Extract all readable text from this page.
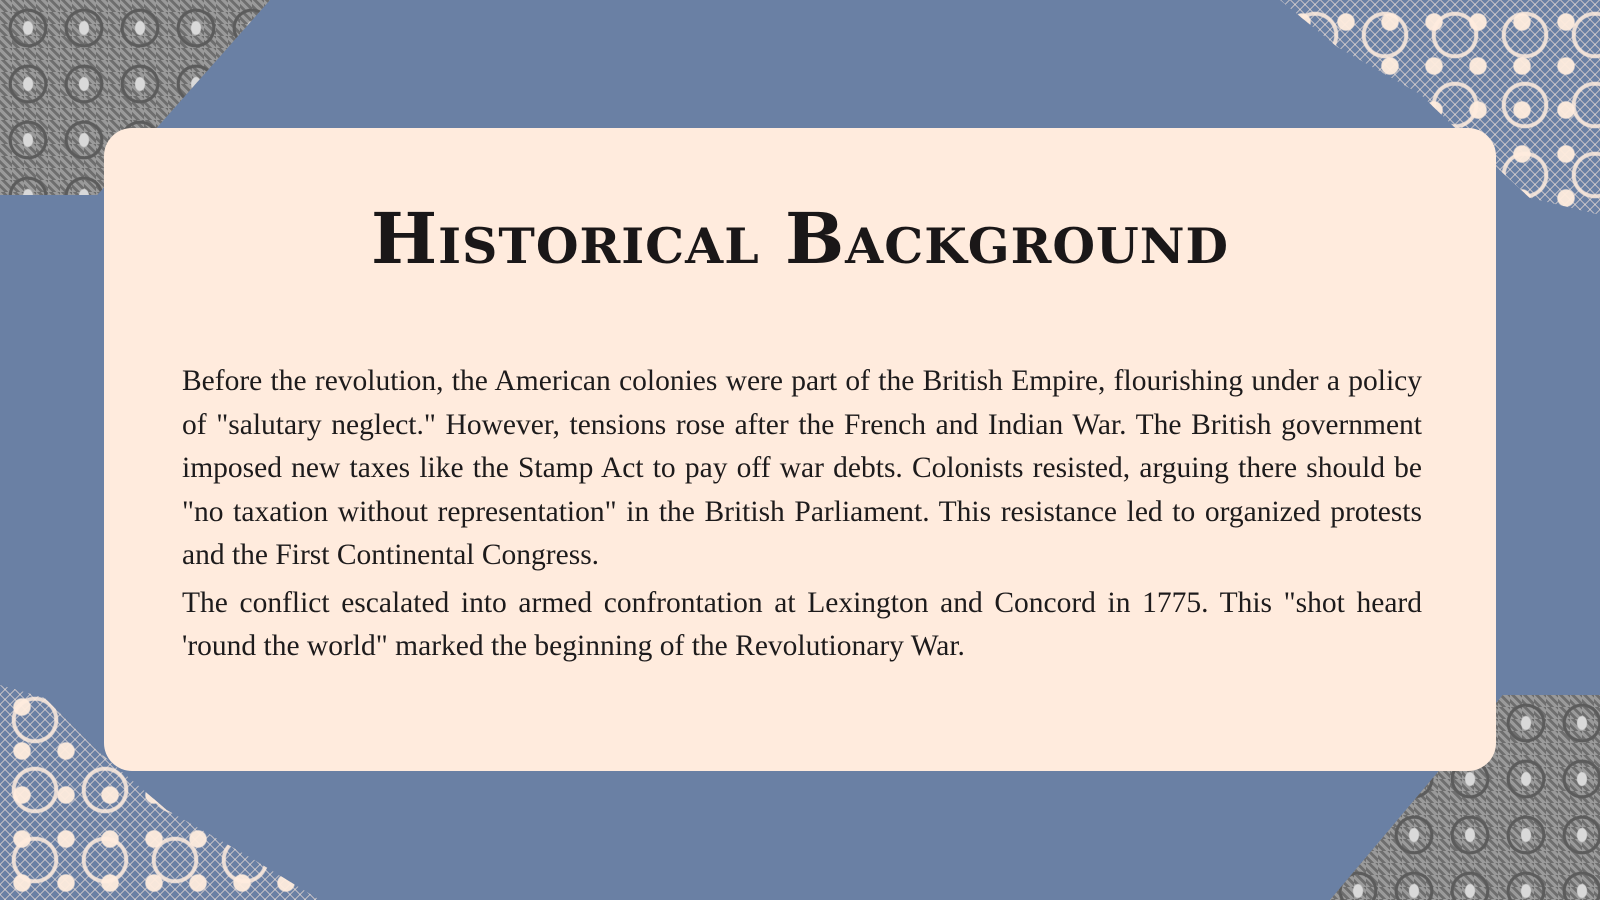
Historical Background

Before the revolution, the American colonies were part of the British Empire, flourishing under a policy of "salutary neglect." However, tensions rose after the French and Indian War. The British government imposed new taxes like the Stamp Act to pay off war debts. Colonists resisted, arguing there should be "no taxation without representation" in the British Parliament. This resistance led to organized protests and the First Continental Congress.

The conflict escalated into armed confrontation at Lexington and Concord in 1775. This "shot heard 'round the world" marked the beginning of the Revolutionary War.
